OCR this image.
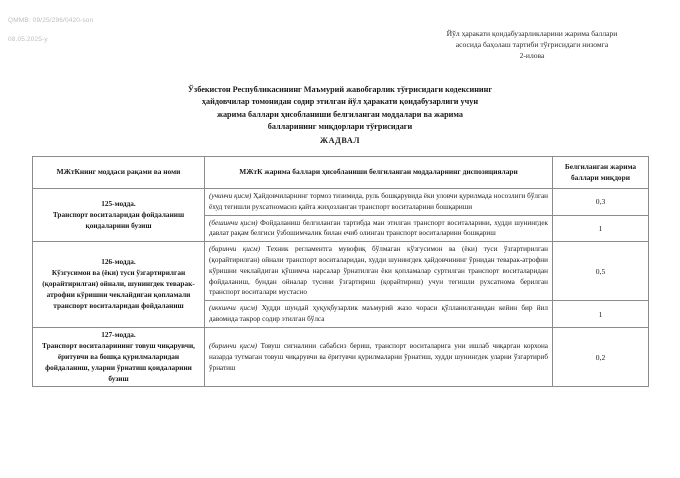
QMMB: 09/25/296/0420-son

08.05.2025-y

Йўл ҳаракати қоидабузарликларини жарима баллари
асосида баҳолаш тартиби тўғрисидаги низомга
2-илова
Ўзбекистон Республикасининг Маъмурий жавобгарлик тўғрисидаги кодексининг
ҳайдовчилар томонидан содир этилган йўл ҳаракати қоидабузарлиги учун
жарима баллари ҳисобланиши белгиланган моддалари ва жарима
балларининг миқдорлари тўғрисидаги
ЖАДВАЛ
МЖтКнинг моддаси рақами ва номи	МЖтК жарима баллари ҳисобланиши белгиланган моддаларнинг диспозициялари	Белгиланган жарима баллари миқдори

125-модда.
Транспорт воситаларидан фойдаланиш қоидаларини бузиш	(учинчи қисм) Ҳайдовчиларнинг тормоз тизимида, руль бошқарувида ёки уловчи қурилмада носозлиги бўлган ёхуд тегишли рухсатномасиз қайта жиҳозланган транспорт воситаларини бошқариши	0,3
	(бешинчи қисм) Фойдаланиш белгиланган тартибда ман этилган транспорт воситаларини, худди шунингдек давлат рақам белгиси ўзбошимчалик билан ечиб олинган транспорт воситаларини бошқариш	1

126-модда.
Кўзгусимон ва (ёки) туси ўзгартирилган (қорайтирилган) ойнали, шунингдек теварак-атрофни кўришни чеклайдиган қопламали транспорт воситаларидан фойдаланиш	(биринчи қисм) Техник регламентга мувофиқ бўлмаган кўзгусимон ва (ёки) туси ўзгартирилган (қорайтирилган) ойнали транспорт воситаларидан, худди шунингдек ҳайдовчининг ўрнидан теварак-атрофни кўришни чеклайдиган қўшимча нарсалар ўрнатилган ёки қопламалар суртилган транспорт воситаларидан фойдаланиш, бундан ойналар тусини ўзгартириш (қорайтириш) учун тегишли рухсатнома берилган транспорт воситалари мустасно	0,5
	(иккинчи қисм) Худди шундай ҳуқуқбузарлик маъмурий жазо чораси қўлланилганидан кейин бир йил давомида такрор содир этилган бўлса	1

127-модда.
Транспорт воситаларининг товуш чиқарувчи, ёритувчи ва бошқа қурилмаларидан фойдаланиш, уларни ўрнатиш қоидаларини бузиш	(биринчи қисм) Товуш сигналини сабабсиз бериш, транспорт воситаларига уни ишлаб чиқарган корхона назарда тутмаган товуш чиқарувчи ва ёритувчи қурилмаларни ўрнатиш, худди шунингдек уларни ўзгартириб ўрнатиш	0,2
